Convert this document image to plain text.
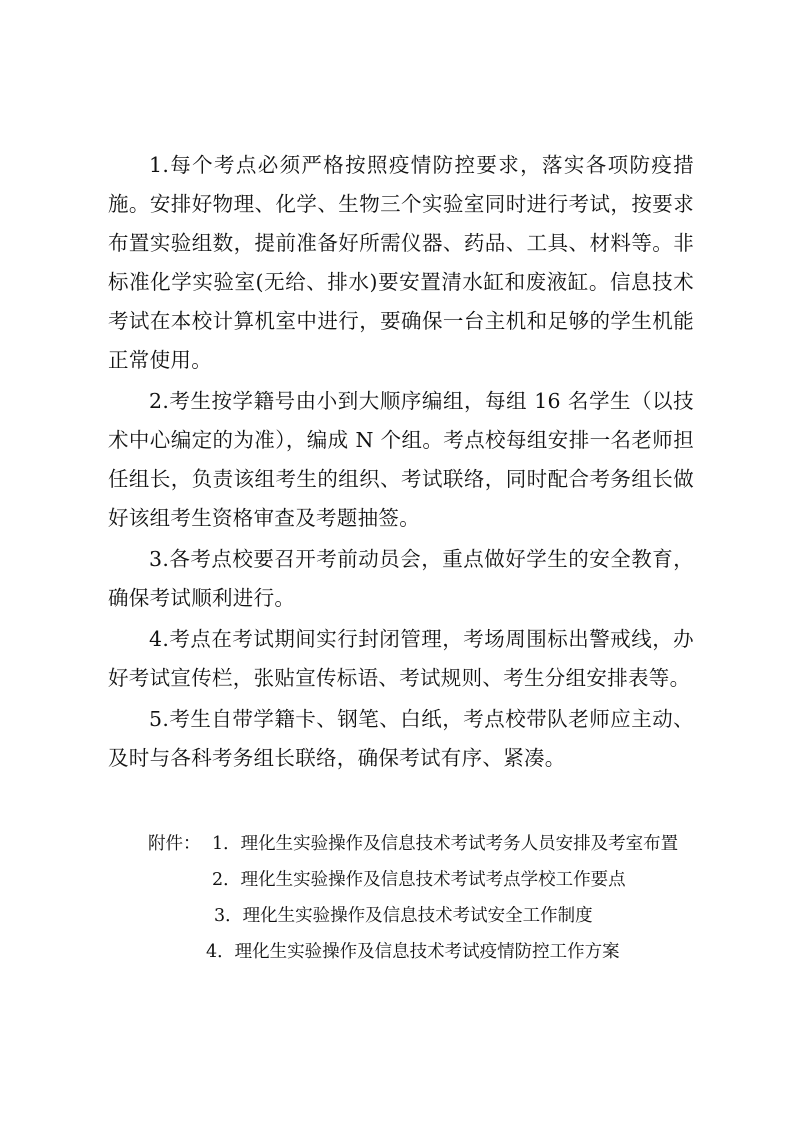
1.每个考点必须严格按照疫情防控要求，落实各项防疫措施。安排好物理、化学、生物三个实验室同时进行考试，按要求布置实验组数，提前准备好所需仪器、药品、工具、材料等。非标准化学实验室(无给、排水)要安置清水缸和废液缸。信息技术考试在本校计算机室中进行，要确保一台主机和足够的学生机能正常使用。

2.考生按学籍号由小到大顺序编组，每组 16 名学生（以技术中心编定的为准），编成 N 个组。考点校每组安排一名老师担任组长，负责该组考生的组织、考试联络，同时配合考务组长做好该组考生资格审查及考题抽签。

3.各考点校要召开考前动员会，重点做好学生的安全教育，确保考试顺利进行。

4.考点在考试期间实行封闭管理，考场周围标出警戒线，办好考试宣传栏，张贴宣传标语、考试规则、考生分组安排表等。

5.考生自带学籍卡、钢笔、白纸，考点校带队老师应主动、及时与各科考务组长联络，确保考试有序、紧凑。

附件： 1．理化生实验操作及信息技术考试考务人员安排及考室布置
2．理化生实验操作及信息技术考试考点学校工作要点
3．理化生实验操作及信息技术考试安全工作制度
4．理化生实验操作及信息技术考试疫情防控工作方案
